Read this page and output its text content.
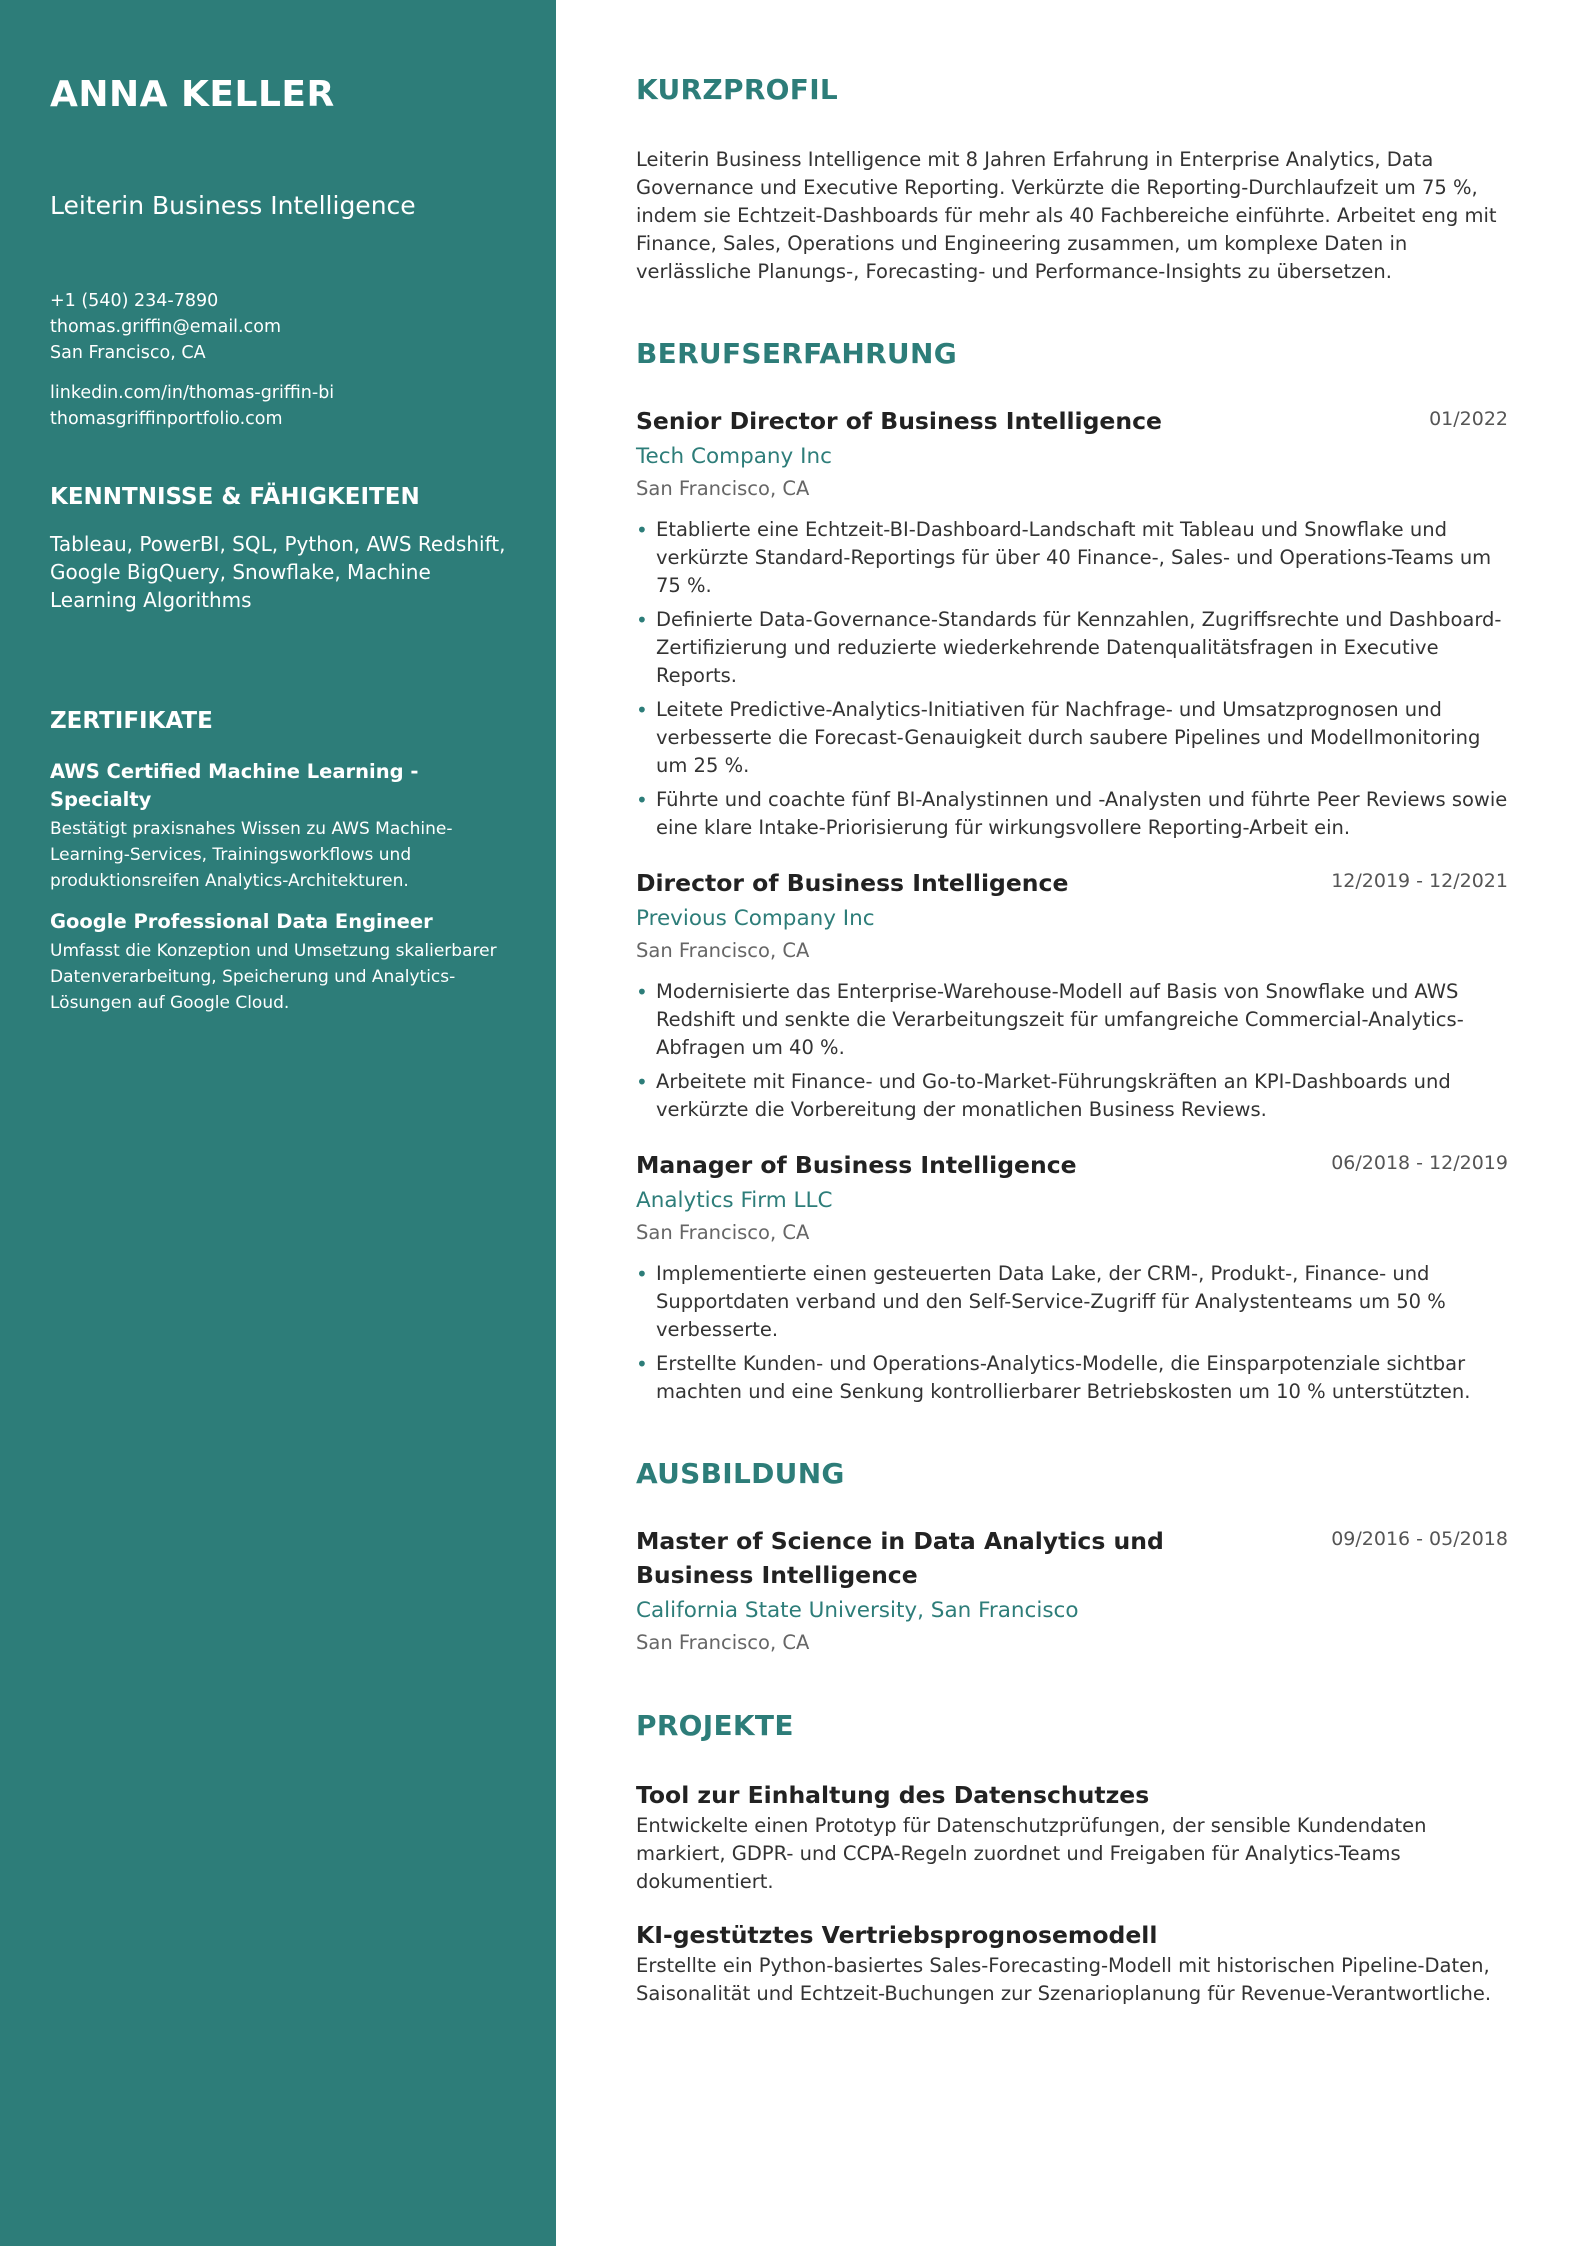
ANNA KELLER
Leiterin Business Intelligence
+1 (540) 234-7890
thomas.griffin@email.com
San Francisco, CA
linkedin.com/in/thomas-griffin-bi
thomasgriffinportfolio.com
KENNTNISSE & FÄHIGKEITEN
Tableau, PowerBI, SQL, Python, AWS Redshift, Google BigQuery, Snowflake, Machine Learning Algorithms
ZERTIFIKATE
AWS Certified Machine Learning - Specialty
Bestätigt praxisnahes Wissen zu AWS Machine-Learning-Services, Trainingsworkflows und produktionsreifen Analytics-Architekturen.
Google Professional Data Engineer
Umfasst die Konzeption und Umsetzung skalierbarer Datenverarbeitung, Speicherung und Analytics-Lösungen auf Google Cloud.
KURZPROFIL

Leiterin Business Intelligence mit 8 Jahren Erfahrung in Enterprise Analytics, Data Governance und Executive Reporting. Verkürzte die Reporting-Durchlaufzeit um 75 %, indem sie Echtzeit-Dashboards für mehr als 40 Fachbereiche einführte. Arbeitet eng mit Finance, Sales, Operations und Engineering zusammen, um komplexe Daten in verlässliche Planungs-, Forecasting- und Performance-Insights zu übersetzen.

BERUFSERFAHRUNG
Senior Director of Business Intelligence	01/2022
Tech Company Inc
San Francisco, CA
• Etablierte eine Echtzeit-BI-Dashboard-Landschaft mit Tableau und Snowflake und verkürzte Standard-Reportings für über 40 Finance-, Sales- und Operations-Teams um 75 %.
• Definierte Data-Governance-Standards für Kennzahlen, Zugriffsrechte und Dashboard-Zertifizierung und reduzierte wiederkehrende Datenqualitätsfragen in Executive Reports.
• Leitete Predictive-Analytics-Initiativen für Nachfrage- und Umsatzprognosen und verbesserte die Forecast-Genauigkeit durch saubere Pipelines und Modellmonitoring um 25 %.
• Führte und coachte fünf BI-Analystinnen und -Analysten und führte Peer Reviews sowie eine klare Intake-Priorisierung für wirkungsvollere Reporting-Arbeit ein.
Director of Business Intelligence	12/2019 - 12/2021
Previous Company Inc
San Francisco, CA
• Modernisierte das Enterprise-Warehouse-Modell auf Basis von Snowflake und AWS Redshift und senkte die Verarbeitungszeit für umfangreiche Commercial-Analytics-Abfragen um 40 %.
• Arbeitete mit Finance- und Go-to-Market-Führungskräften an KPI-Dashboards und verkürzte die Vorbereitung der monatlichen Business Reviews.
Manager of Business Intelligence	06/2018 - 12/2019
Analytics Firm LLC
San Francisco, CA
• Implementierte einen gesteuerten Data Lake, der CRM-, Produkt-, Finance- und Supportdaten verband und den Self-Service-Zugriff für Analystenteams um 50 % verbesserte.
• Erstellte Kunden- und Operations-Analytics-Modelle, die Einsparpotenziale sichtbar machten und eine Senkung kontrollierbarer Betriebskosten um 10 % unterstützten.
AUSBILDUNG
Master of Science in Data Analytics und Business Intelligence
09/2016 - 05/2018
California State University, San Francisco
San Francisco, CA
PROJEKTE
Tool zur Einhaltung des Datenschutzes
Entwickelte einen Prototyp für Datenschutzprüfungen, der sensible Kundendaten markiert, GDPR- und CCPA-Regeln zuordnet und Freigaben für Analytics-Teams dokumentiert.
KI-gestütztes Vertriebsprognosemodell
Erstellte ein Python-basiertes Sales-Forecasting-Modell mit historischen Pipeline-Daten, Saisonalität und Echtzeit-Buchungen zur Szenarioplanung für Revenue-Verantwortliche.
